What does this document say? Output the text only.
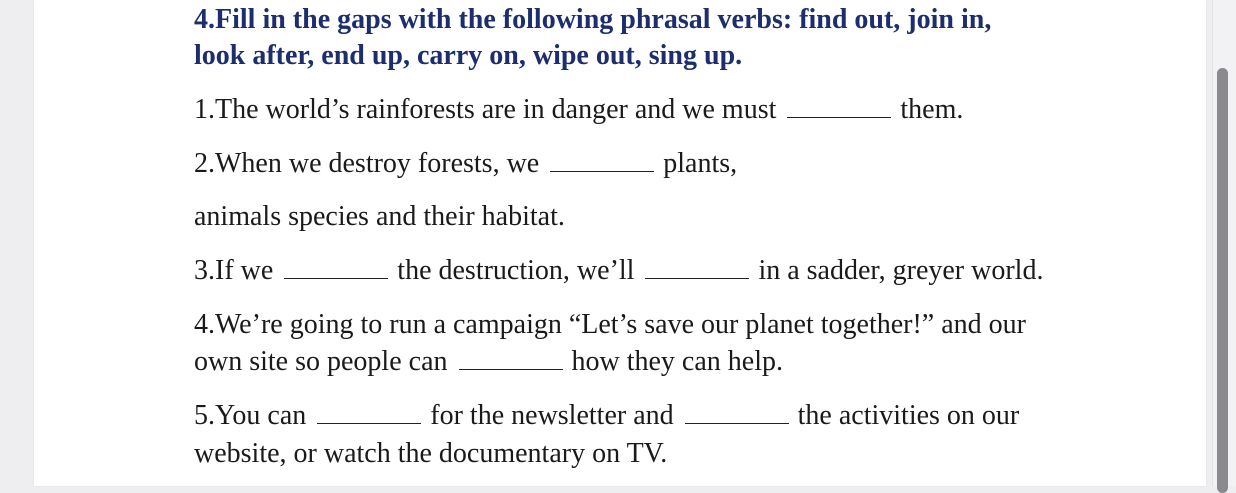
4.Fill in the gaps with the following phrasal verbs: find out, join in,
look after, end up, carry on, wipe out, sing up.
1.The world’s rainforests are in danger and we must	them.
2.When we destroy forests, we	plants,
animals species and their habitat.
3.If we	the destruction, we’ll	in a sadder, greyer world.
4.We’re going to run a campaign “Let’s save our planet together!” and our
own site so people can	how they can help.
5.You can	for the newsletter and	the activities on our
website, or watch the documentary on TV.
